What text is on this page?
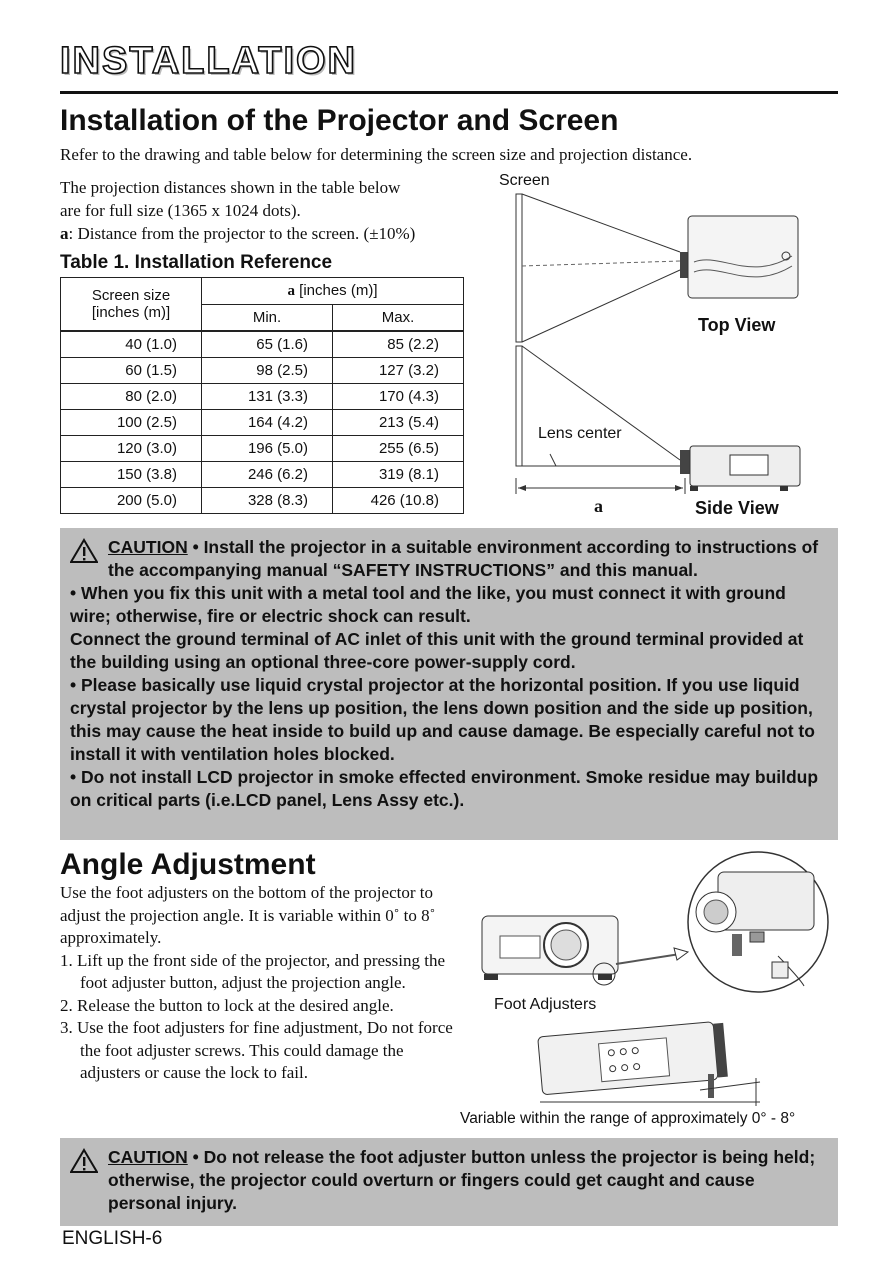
INSTALLATION
Installation of the Projector and Screen
Refer to the drawing and table below for determining the screen size and projection distance.
The projection distances shown in the table below
are for full size (1365 x 1024 dots).
a: Distance from the projector to the screen. (±10%)
Table 1. Installation Reference
Screen size
[inches (m)]	a [inches (m)]	
	Min.	Max.
40 (1.0)	65 (1.6)	85 (2.2)
60 (1.5)	98 (2.5)	127 (3.2)
80 (2.0)	131 (3.3)	170 (4.3)
100 (2.5)	164 (4.2)	213 (5.4)
120 (3.0)	196 (5.0)	255 (6.5)
150 (3.8)	246 (6.2)	319 (8.1)
200 (5.0)	328 (8.3)	426 (10.8)
Screen
Top View
Lens center
a	Side View

CAUTION • Install the projector in a suitable environment according to instructions of the accompanying manual “SAFETY INSTRUCTIONS” and this manual.

• When you fix this unit with a metal tool and the like, you must connect it with ground wire; otherwise, fire or electric shock can result.

Connect the ground terminal of AC inlet of this unit with the ground terminal provided at the building using an optional three-core power-supply cord.

• Please basically use liquid crystal projector at the horizontal position. If you use liquid crystal projector by the lens up position, the lens down position and the side up position, this may cause the heat inside to build up and cause damage. Be especially careful not to install it with ventilation holes blocked.

• Do not install LCD projector in smoke effected environment. Smoke residue may buildup on critical parts (i.e.LCD panel, Lens Assy etc.).

Angle Adjustment
Use the foot adjusters on the bottom of the projector to adjust the projection angle. It is variable within 0˚ to 8˚ approximately.
1. Lift up the front side of the projector, and pressing the foot adjuster button, adjust the projection angle.
2. Release the button to lock at the desired angle.
3. Use the foot adjusters for fine adjustment, Do not force the foot adjuster screws. This could damage the adjusters or cause the lock to fail.
Foot Adjusters
Variable within the range of approximately 0° - 8°

CAUTION • Do not release the foot adjuster button unless the projector is being held; otherwise, the projector could overturn or fingers could get caught and cause personal injury.

ENGLISH-6
